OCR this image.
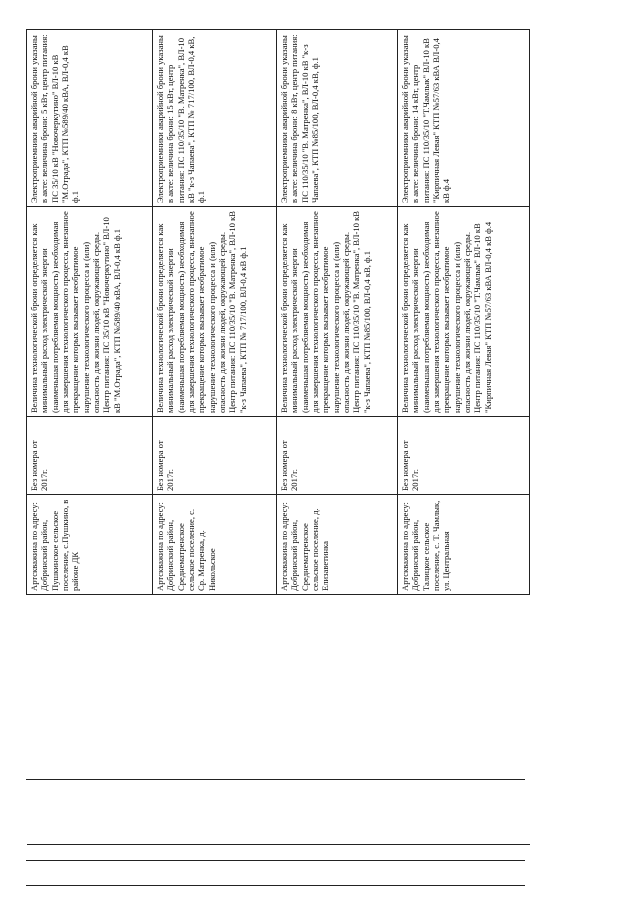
	Артскважина по адресу: Добринский район, Пушкинское сельское поселение, с.Пушкино, в районе ДК	Без номера от 2017г.	Величина технологической брони определяется как минимальный расход электрической энергии (наименьшая потребляемая мощность) необходимая для завершения технологического процесса, внезапное прекращение которых вызывает необратимое нарушение технологического процесса и (или) опасность для жизни людей, окружающей среды. Центр питания: ПС 35/10 кВ "Новочеркутино" ВЛ-10 кВ "М.Отрада", КТП №589/40 кВА, ВЛ-0,4 кВ ф.1	Электроприемники аварийной брони указаны в акте: величина брони: 5 кВт, центр питания: ПС 35/10 кВ "Новочеркутино" ВЛ-10 кВ "М.Отрада", КТП №589/40 кВА, ВЛ-0,4 кВ ф.1
	Артскважина по адресу: Добринский район, Среднематренское сельское поселение, с. Ср. Матренка, д. Никольское	Без номера от 2017г.	Величина технологической брони определяется как минимальный расход электрической энергии (наименьшая потребляемая мощность) необходимая для завершения технологического процесса, внезапное прекращение которых вызывает необратимое нарушение технологического процесса и (или) опасность для жизни людей, окружающей среды. Центр питания: ПС 110/35/10 "В. Матренка", ВЛ-10 кВ "к-з Чапаева", КТП № 717/100, ВЛ-0,4 кВ ф.1	Электроприемники аварийной брони указаны в акте: величина брони: 15 кВт, центр питания: ПС 110/35/10 "В. Матренка", ВЛ-10 кВ "к-з Чапаева", КТП № 717/100, ВЛ-0,4 кВ, ф.1
	Артскважина по адресу: Добринский район, Среднематренское сельское поселение, д. Елизаветинка	Без номера от 2017г.	Величина технологической брони определяется как минимальный расход электрической энергии (наименьшая потребляемая мощность) необходимая для завершения технологического процесса, внезапное прекращение которых вызывает необратимое нарушение технологического процесса и (или) опасность для жизни людей, окружающей среды. Центр питания: ПС 110/35/10 "В. Матренка", ВЛ-10 кВ "к-з Чапаева", КТП №85/100, ВЛ-0,4 кВ, ф.1	Электроприемники аварийной брони указаны в акте: величина брони: 8 кВт, центр питания: ПС 110/35/10 "В. Матренка", ВЛ-10 кВ "к-з Чапаева", КТП №85/100, ВЛ-0,4 кВ, ф.1
	Артскважина по адресу: Добринский район, Талицкое сельское поселение, с. Т. Чамлык, ул. Центральная	Без номера от 2017г.	Величина технологической брони определяется как минимальный расход электрической энергии (наименьшая потребляемая мощность) необходимая для завершения технологического процесса, внезапное прекращение которых вызывает необратимое нарушение технологического процесса и (или) опасность для жизни людей, окружающей среды. Центр питания: ПС 110/35/10 "Т.Чамлык" ВЛ-10 кВ "Кирпичная Левая" КТП №57/63 кВА ВЛ-0,4 кВ ф.4	Электроприемники аварийной брони указаны в акте: величина брони: 14 кВт, центр питания: ПС 110/35/10 "Т.Чамлык" ВЛ-10 кВ "Кирпичная Левая" КТП №57/63 кВА ВЛ-0,4 кВ ф.4
